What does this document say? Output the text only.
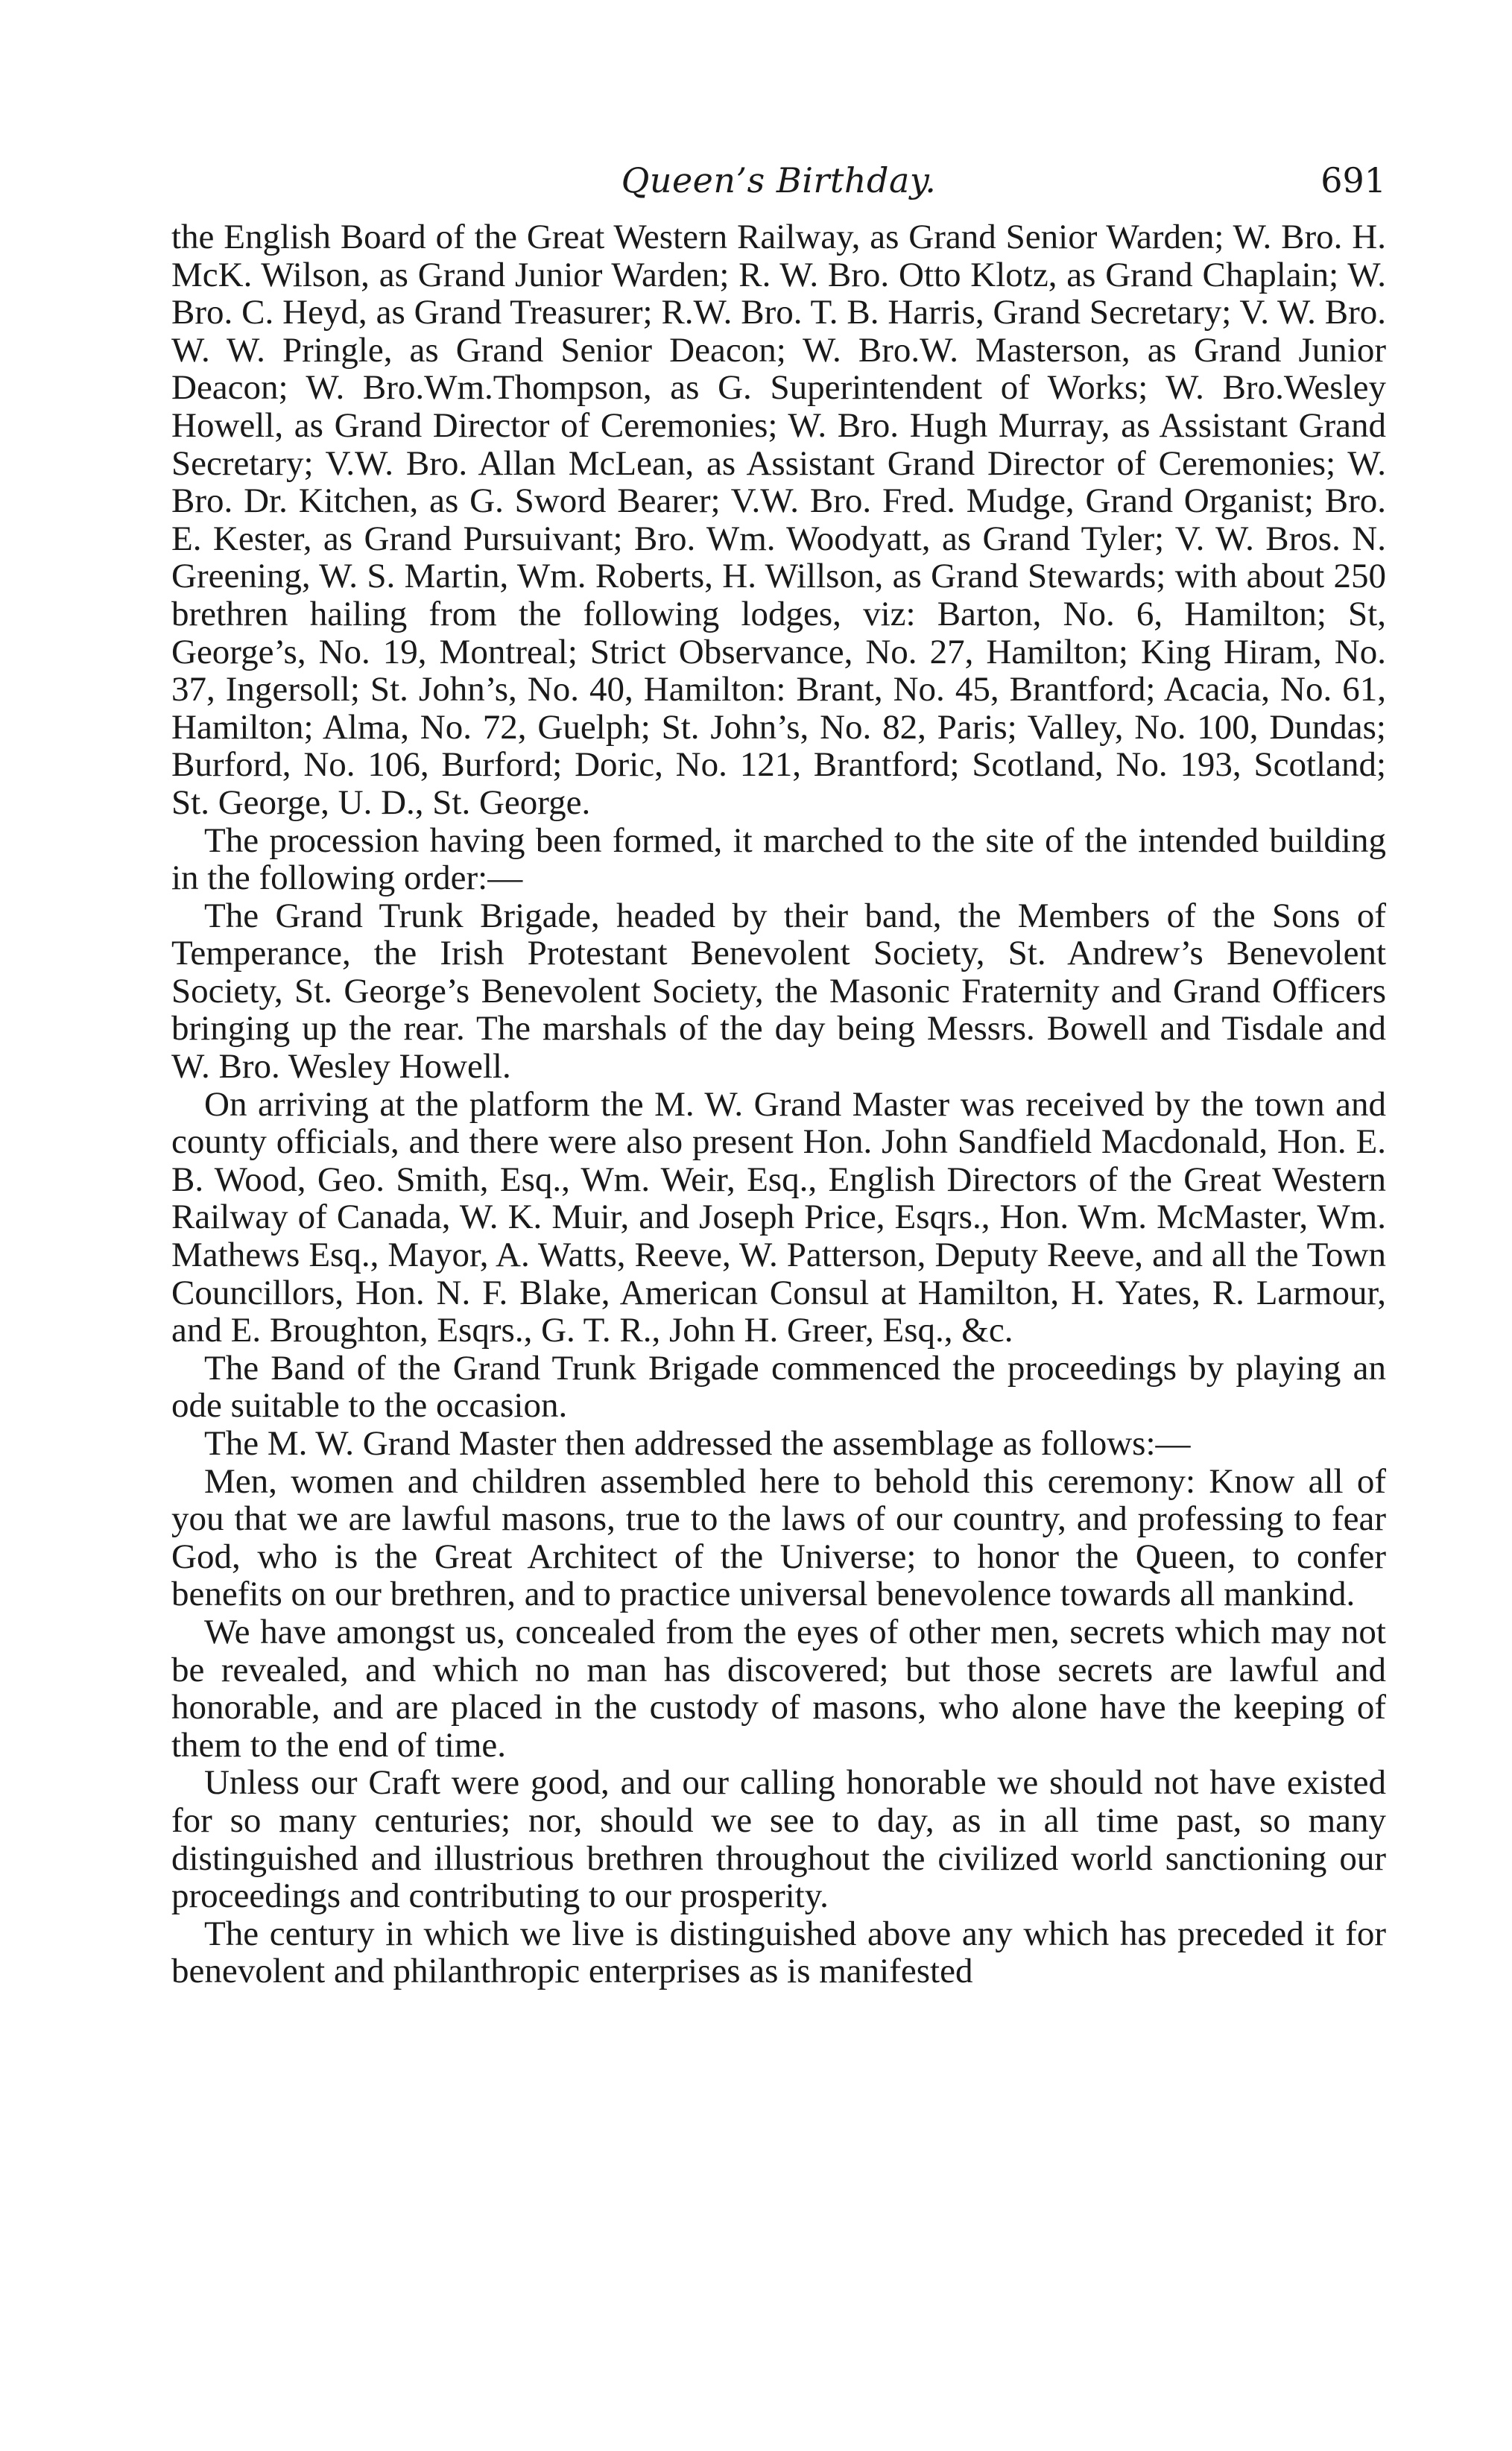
Queen’s Birthday.	691

the English Board of the Great Western Railway, as Grand Senior Warden; W. Bro. H. McK. Wilson, as Grand Junior Warden; R. W. Bro. Otto Klotz, as Grand Chaplain; W. Bro. C. Heyd, as Grand Treasurer; R.W. Bro. T. B. Harris, Grand Secretary; V. W. Bro. W. W. Pringle, as Grand Senior Deacon; W. Bro.W. Masterson, as Grand Junior Deacon; W. Bro.Wm.Thompson, as G. Superintendent of Works; W. Bro.Wesley Howell, as Grand Director of Ceremonies; W. Bro. Hugh Murray, as Assistant Grand Secretary; V.W. Bro. Allan McLean, as Assistant Grand Director of Ceremonies; W. Bro. Dr. Kitchen, as G. Sword Bearer; V.W. Bro. Fred. Mudge, Grand Organist; Bro. E. Kester, as Grand Pursuivant; Bro. Wm. Woodyatt, as Grand Tyler; V. W. Bros. N. Greening, W. S. Martin, Wm. Roberts, H. Willson, as Grand Stewards; with about 250 brethren hailing from the following lodges, viz: Barton, No. 6, Hamilton; St, George’s, No. 19, Montreal; Strict Observance, No. 27, Hamilton; King Hiram, No. 37, Ingersoll; St. John’s, No. 40, Hamilton: Brant, No. 45, Brantford; Acacia, No. 61, Hamilton; Alma, No. 72, Guelph; St. John’s, No. 82, Paris; Valley, No. 100, Dundas; Burford, No. 106, Burford; Doric, No. 121, Brantford; Scotland, No. 193, Scotland; St. George, U. D., St. George.

The procession having been formed, it marched to the site of the intended building in the following order:—

The Grand Trunk Brigade, headed by their band, the Members of the Sons of Temperance, the Irish Protestant Benevolent Society, St. Andrew’s Benevolent Society, St. George’s Benevolent Society, the Masonic Fraternity and Grand Officers bringing up the rear. The marshals of the day being Messrs. Bowell and Tisdale and W. Bro. Wesley Howell.

On arriving at the platform the M. W. Grand Master was received by the town and county officials, and there were also present Hon. John Sandfield Macdonald, Hon. E. B. Wood, Geo. Smith, Esq., Wm. Weir, Esq., English Directors of the Great Western Railway of Canada, W. K. Muir, and Joseph Price, Esqrs., Hon. Wm. McMaster, Wm. Mathews Esq., Mayor, A. Watts, Reeve, W. Patterson, Deputy Reeve, and all the Town Councillors, Hon. N. F. Blake, American Consul at Hamilton, H. Yates, R. Larmour, and E. Broughton, Esqrs., G. T. R., John H. Greer, Esq., &c.

The Band of the Grand Trunk Brigade commenced the proceedings by playing an ode suitable to the occasion.

The M. W. Grand Master then addressed the assemblage as follows:—

Men, women and children assembled here to behold this ceremony: Know all of you that we are lawful masons, true to the laws of our country, and professing to fear God, who is the Great Architect of the Universe; to honor the Queen, to confer benefits on our brethren, and to practice universal benevolence towards all mankind.

We have amongst us, concealed from the eyes of other men, secrets which may not be revealed, and which no man has discovered; but those secrets are lawful and honorable, and are placed in the custody of masons, who alone have the keeping of them to the end of time.

Unless our Craft were good, and our calling honorable we should not have existed for so many centuries; nor, should we see to day, as in all time past, so many distinguished and illustrious brethren throughout the civilized world sanctioning our proceedings and contributing to our prosperity.

The century in which we live is distinguished above any which has preceded it for benevolent and philanthropic enterprises as is manifested
